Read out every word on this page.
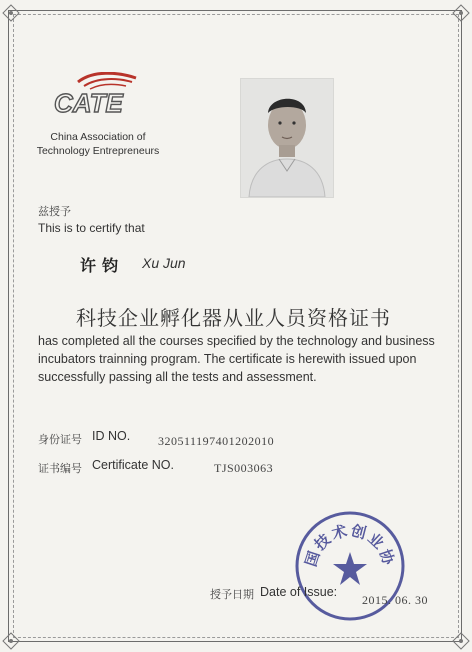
CATE
China Association of
Technology Entrepreneurs
兹授予
This is to certify that
许钧 Xu Jun
科技企业孵化器从业人员资格证书
has completed all the courses specified by the technology and business incubators trainning program. The certificate is herewith issued upon successfully passing all the tests and assessment.
身份证号 ID NO. 320511197401202010
证书编号 Certificate NO.	TJS003063
国技术创业协
授予日期 Date of Issue:
2015. 06. 30
